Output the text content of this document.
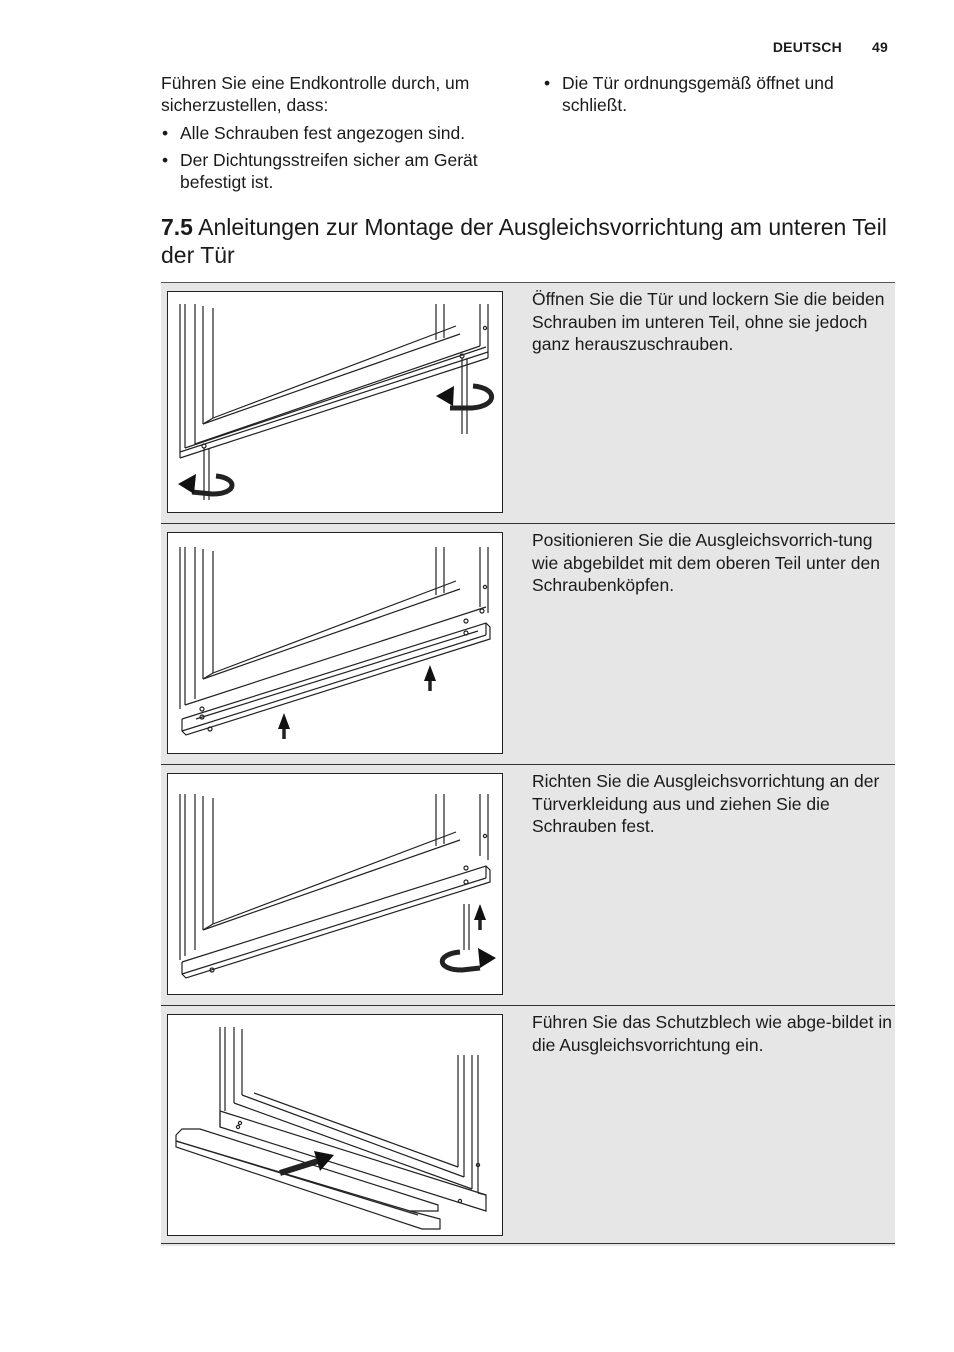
DEUTSCH 49

Führen Sie eine Endkontrolle durch, um sicherzustellen, dass:

• Alle Schrauben fest angezogen sind.
• Der Dichtungsstreifen sicher am Gerät befestigt ist.
• Die Tür ordnungsgemäß öffnet und schließt.
7.5 Anleitungen zur Montage der Ausgleichsvorrichtung am unteren Teil der Tür
Öffnen Sie die Tür und lockern Sie die beiden Schrauben im unteren Teil, ohne sie jedoch ganz herauszuschrauben.
Positionieren Sie die Ausgleichsvorrich-tung wie abgebildet mit dem oberen Teil unter den Schraubenköpfen.
Richten Sie die Ausgleichsvorrichtung an der Türverkleidung aus und ziehen Sie die Schrauben fest.
Führen Sie das Schutzblech wie abge-bildet in die Ausgleichsvorrichtung ein.
